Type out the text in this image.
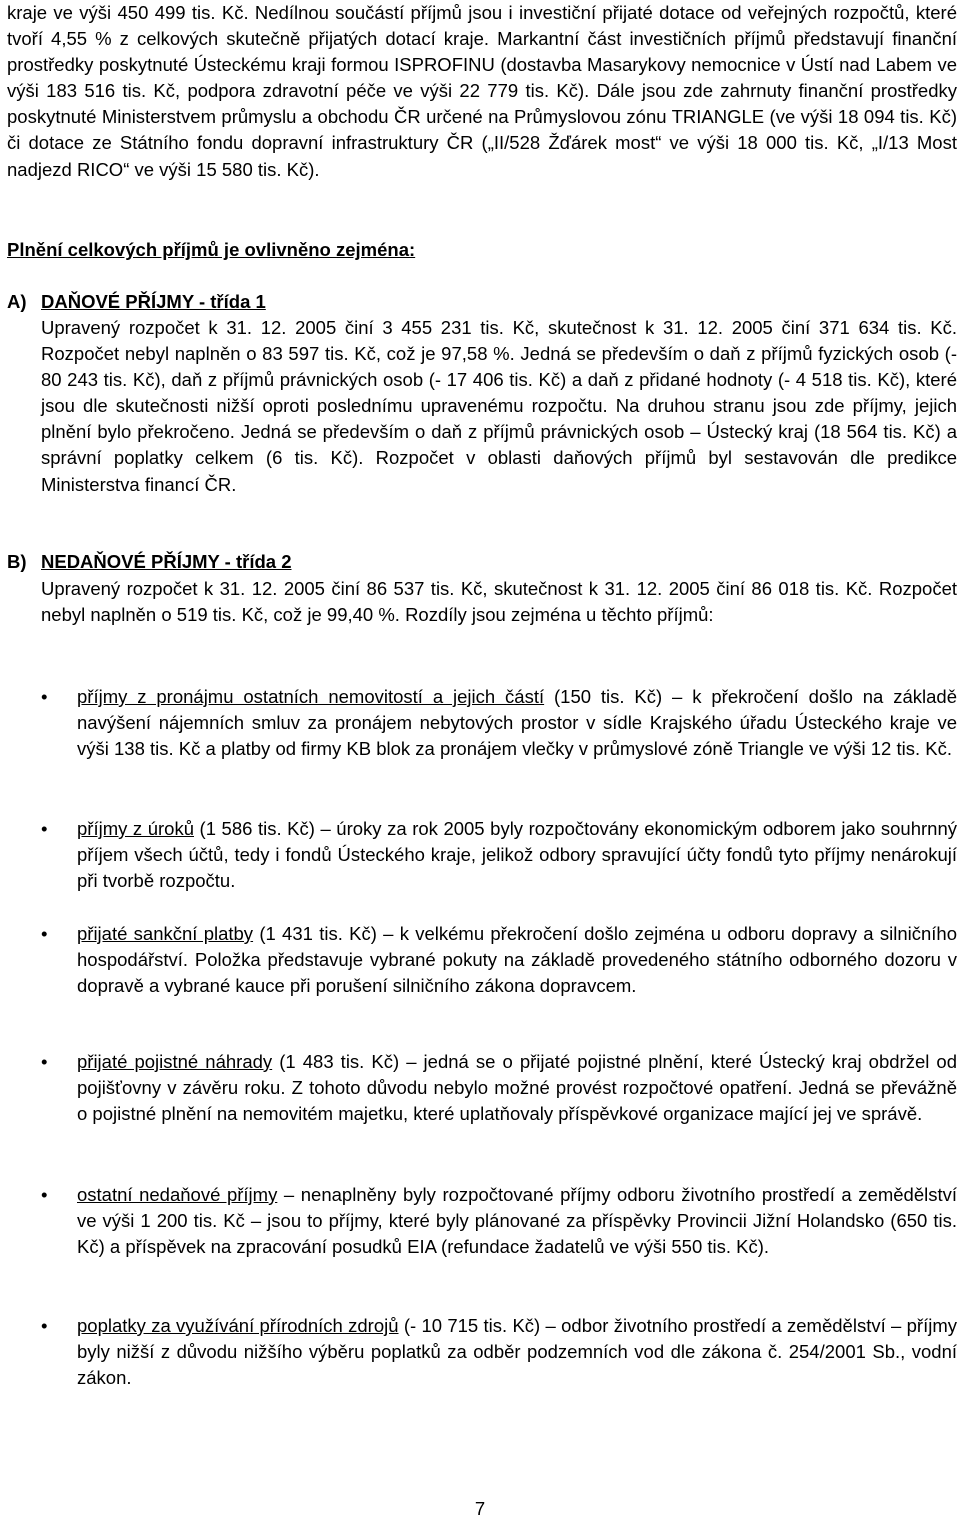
kraje ve výši 450 499 tis. Kč. Nedílnou součástí příjmů jsou i investiční přijaté dotace od veřejných rozpočtů, které tvoří 4,55 % z celkových skutečně přijatých dotací kraje. Markantní část investičních příjmů představují finanční prostředky poskytnuté Ústeckému kraji formou ISPROFINU (dostavba Masarykovy nemocnice v Ústí nad Labem ve výši 183 516 tis. Kč, podpora zdravotní péče ve výši 22 779 tis. Kč). Dále jsou zde zahrnuty finanční prostředky poskytnuté Ministerstvem průmyslu a obchodu ČR určené na Průmyslovou zónu TRIANGLE (ve výši 18 094 tis. Kč) či dotace ze Státního fondu dopravní infrastruktury ČR („II/528 Žďárek most“ ve výši 18 000 tis. Kč, „I/13 Most nadjezd RICO“ ve výši 15 580 tis. Kč).
Plnění celkových příjmů je ovlivněno zejména:
A) DAŇOVÉ PŘÍJMY - třída 1
Upravený rozpočet k 31. 12. 2005 činí 3 455 231 tis. Kč, skutečnost k 31. 12. 2005 činí 371 634 tis. Kč. Rozpočet nebyl naplněn o 83 597 tis. Kč, což je 97,58 %. Jedná se především o daň z příjmů fyzických osob (- 80 243 tis. Kč), daň z příjmů právnických osob (- 17 406 tis. Kč) a daň z přidané hodnoty (- 4 518 tis. Kč), které jsou dle skutečnosti nižší oproti poslednímu upravenému rozpočtu. Na druhou stranu jsou zde příjmy, jejich plnění bylo překročeno. Jedná se především o daň z příjmů právnických osob – Ústecký kraj (18 564 tis. Kč) a správní poplatky celkem (6 tis. Kč). Rozpočet v oblasti daňových příjmů byl sestavován dle predikce Ministerstva financí ČR.
B) NEDAŇOVÉ PŘÍJMY - třída 2
Upravený rozpočet k 31. 12. 2005 činí 86 537 tis. Kč, skutečnost k 31. 12. 2005 činí 86 018 tis. Kč. Rozpočet nebyl naplněn o 519 tis. Kč, což je 99,40 %. Rozdíly jsou zejména u těchto příjmů:
• příjmy z pronájmu ostatních nemovitostí a jejich částí (150 tis. Kč) – k překročení došlo na základě navýšení nájemních smluv za pronájem nebytových prostor v sídle Krajského úřadu Ústeckého kraje ve výši 138 tis. Kč a platby od firmy KB blok za pronájem vlečky v průmyslové zóně Triangle ve výši 12 tis. Kč.
• příjmy z úroků (1 586 tis. Kč) – úroky za rok 2005 byly rozpočtovány ekonomickým odborem jako souhrnný příjem všech účtů, tedy i fondů Ústeckého kraje, jelikož odbory spravující účty fondů tyto příjmy nenárokují při tvorbě rozpočtu.
• přijaté sankční platby (1 431 tis. Kč) – k velkému překročení došlo zejména u odboru dopravy a silničního hospodářství. Položka představuje vybrané pokuty na základě provedeného státního odborného dozoru v dopravě a vybrané kauce při porušení silničního zákona dopravcem.
• přijaté pojistné náhrady (1 483 tis. Kč) – jedná se o přijaté pojistné plnění, které Ústecký kraj obdržel od pojišťovny v závěru roku. Z tohoto důvodu nebylo možné provést rozpočtové opatření. Jedná se převážně o pojistné plnění na nemovitém majetku, které uplatňovaly příspěvkové organizace mající jej ve správě.
• ostatní nedaňové příjmy – nenaplněny byly rozpočtované příjmy odboru životního prostředí a zemědělství ve výši 1 200 tis. Kč – jsou to příjmy, které byly plánované za příspěvky Provincii Jižní Holandsko (650 tis. Kč) a příspěvek na zpracování posudků EIA (refundace žadatelů ve výši 550 tis. Kč).
• poplatky za využívání přírodních zdrojů (- 10 715 tis. Kč) – odbor životního prostředí a zemědělství – příjmy byly nižší z důvodu nižšího výběru poplatků za odběr podzemních vod dle zákona č. 254/2001 Sb., vodní zákon.
7
